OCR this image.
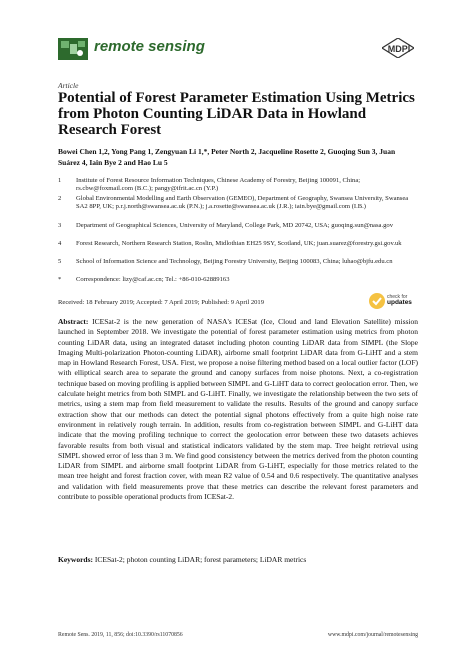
remote sensing	MDPI
Article
Potential of Forest Parameter Estimation Using Metrics from Photon Counting LiDAR Data in Howland Research Forest
Bowei Chen 1,2, Yong Pang 1, Zengyuan Li 1,*, Peter North 2, Jacqueline Rosette 2, Guoqing Sun 3, Juan Suárez 4, Iain Bye 2 and Hao Lu 5
1 Institute of Forest Resource Information Techniques, Chinese Academy of Forestry, Beijing 100091, China; rs.cbw@foxmail.com (B.C.); pangy@ifrit.ac.cn (Y.P.)
2 Global Environmental Modelling and Earth Observation (GEMEO), Department of Geography, Swansea University, Swansea SA2 8PP, UK; p.r.j.north@swansea.ac.uk (P.N.); j.a.rosette@swansea.ac.uk (J.R.); iain.bye@gmail.com (I.B.)
3 Department of Geographical Sciences, University of Maryland, College Park, MD 20742, USA; guoqing.sun@nasa.gov
4 Forest Research, Northern Research Station, Roslin, Midlothian EH25 9SY, Scotland, UK; juan.suarez@forestry.gsi.gov.uk
5 School of Information Science and Technology, Beijing Forestry University, Beijing 100083, China; luhao@bjfu.edu.cn
* Correspondence: lizy@caf.ac.cn; Tel.: +86-010-62889163
Received: 18 February 2019; Accepted: 7 April 2019; Published: 9 April 2019
check for
updates
Abstract: ICESat-2 is the new generation of NASA's ICESat (Ice, Cloud and land Elevation Satellite) mission launched in September 2018. We investigate the potential of forest parameter estimation using metrics from photon counting LiDAR data, using an integrated dataset including photon counting LiDAR data from SIMPL (the Slope Imaging Multi-polarization Photon-counting LiDAR), airborne small footprint LiDAR data from G-LiHT and a stem map in Howland Research Forest, USA. First, we propose a noise filtering method based on a local outlier factor (LOF) with elliptical search area to separate the ground and canopy surfaces from noise photons. Next, a co-registration technique based on moving profiling is applied between SIMPL and G-LiHT data to correct geolocation error. Then, we calculate height metrics from both SIMPL and G-LiHT. Finally, we investigate the relationship between the two sets of metrics, using a stem map from field measurement to validate the results. Results of the ground and canopy surface extraction show that our methods can detect the potential signal photons effectively from a quite high noise rate environment in relatively rough terrain. In addition, results from co-registration between SIMPL and G-LiHT data indicate that the moving profiling technique to correct the geolocation error between these two datasets achieves favorable results from both visual and statistical indicators validated by the stem map. Tree height retrieval using SIMPL showed error of less than 3 m. We find good consistency between the metrics derived from the photon counting LiDAR from SIMPL and airborne small footprint LiDAR from G-LiHT, especially for those metrics related to the mean tree height and forest fraction cover, with mean R2 value of 0.54 and 0.6 respectively. The quantitative analyses and validation with field measurements prove that these metrics can describe the relevant forest parameters and contribute to possible operational products from ICESat-2.
Keywords: ICESat-2; photon counting LiDAR; forest parameters; LiDAR metrics
Remote Sens. 2019, 11, 856; doi:10.3390/rs11070856	www.mdpi.com/journal/remotesensing
